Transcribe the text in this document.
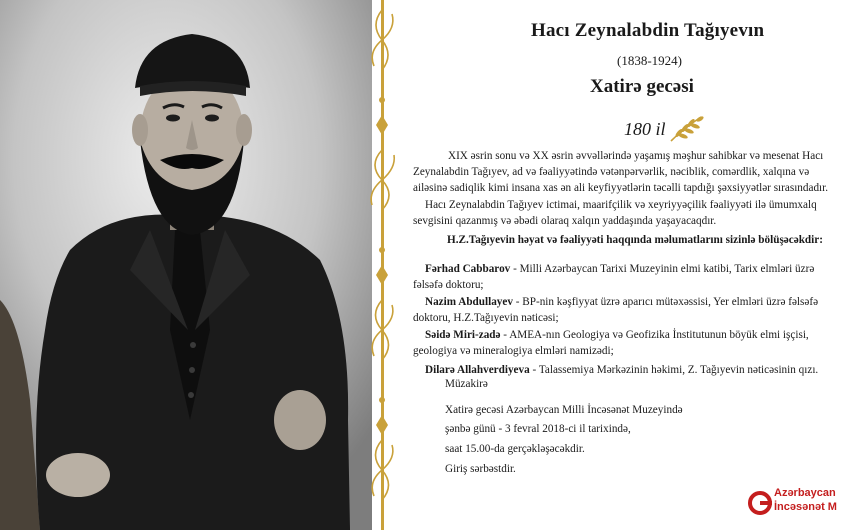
Hacı Zeynalabdin Tağıyevın
(1838-1924)
Xatirə gecəsi
180 il
XIX əsrin sonu və XX əsrin əvvəllərində yaşamış məşhur sahibkar və mesenat Hacı
Zeynalabdin Tağıyev, ad və fəaliyyətində vətənpərvərlik, nəciblik, comərdlik, xalqına və
ailəsinə sadiqlik kimi insana xas ən ali keyfiyyətlərin təcəlli tapdığı şəxsiyyətlər sırasındadır.
Hacı Zeynalabdin Tağıyev ictimai, maarifçilik və xeyriyyəçilik fəaliyyəti ilə ümumxalq
sevgisini qazanmış və əbədi olaraq xalqın yaddaşında yaşayacaqdır.
H.Z.Tağıyevin həyat və fəaliyyəti haqqında məlumatlarını sizinlə bölüşəcəkdir:
Fərhad Cabbarov - Milli Azərbaycan Tarixi Muzeyinin elmi katibi, Tarix elmləri üzrə
fəlsəfə doktoru;
Nazim Abdullayev - BP-nin kəşfiyyat üzrə aparıcı mütəxəssisi, Yer elmləri üzrə fəlsəfə
doktoru, H.Z.Tağıyevin nəticəsi;
Səidə Miri-zadə - AMEA-nın Geologiya və Geofizika İnstitutunun böyük elmi işçisi,
geologiya və mineralogiya elmləri namizədi;
Dilarə Allahverdiyeva - Talassemiya Mərkəzinin həkimi, Z. Tağıyevin nəticəsinin qızı.
Müzakirə
Xatirə gecəsi Azərbaycan Milli İncəsənət Muzeyində
şənbə günü - 3 fevral 2018-ci il tarixində,
saat 15.00-da gerçəkləşəcəkdir.
Giriş sərbəstdir.
Azərbaycan
İncəsənət M
